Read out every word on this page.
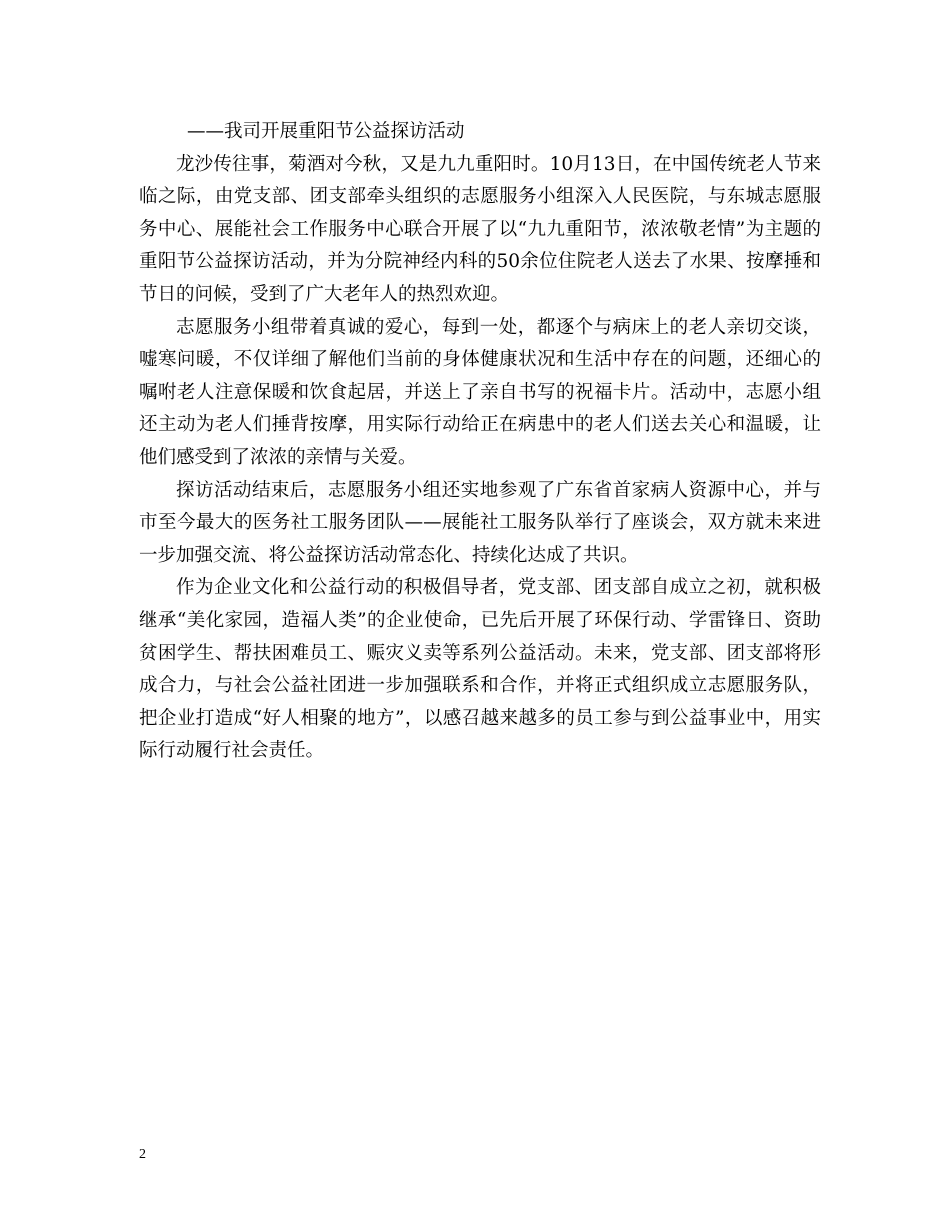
——我司开展重阳节公益探访活动

龙沙传往事，菊酒对今秋，又是九九重阳时。10月13日，在中国传统老人节来临之际，由党支部、团支部牵头组织的志愿服务小组深入人民医院，与东城志愿服务中心、展能社会工作服务中心联合开展了以“九九重阳节，浓浓敬老情”为主题的重阳节公益探访活动，并为分院神经内科的50余位住院老人送去了水果、按摩捶和节日的问候，受到了广大老年人的热烈欢迎。

志愿服务小组带着真诚的爱心，每到一处，都逐个与病床上的老人亲切交谈，嘘寒问暖，不仅详细了解他们当前的身体健康状况和生活中存在的问题，还细心的嘱咐老人注意保暖和饮食起居，并送上了亲自书写的祝福卡片。活动中，志愿小组还主动为老人们捶背按摩，用实际行动给正在病患中的老人们送去关心和温暖，让他们感受到了浓浓的亲情与关爱。

探访活动结束后，志愿服务小组还实地参观了广东省首家病人资源中心，并与市至今最大的医务社工服务团队——展能社工服务队举行了座谈会，双方就未来进一步加强交流、将公益探访活动常态化、持续化达成了共识。

作为企业文化和公益行动的积极倡导者，党支部、团支部自成立之初，就积极继承“美化家园，造福人类”的企业使命，已先后开展了环保行动、学雷锋日、资助贫困学生、帮扶困难员工、赈灾义卖等系列公益活动。未来，党支部、团支部将形成合力，与社会公益社团进一步加强联系和合作，并将正式组织成立志愿服务队，把企业打造成“好人相聚的地方”，以感召越来越多的员工参与到公益事业中，用实际行动履行社会责任。

2
